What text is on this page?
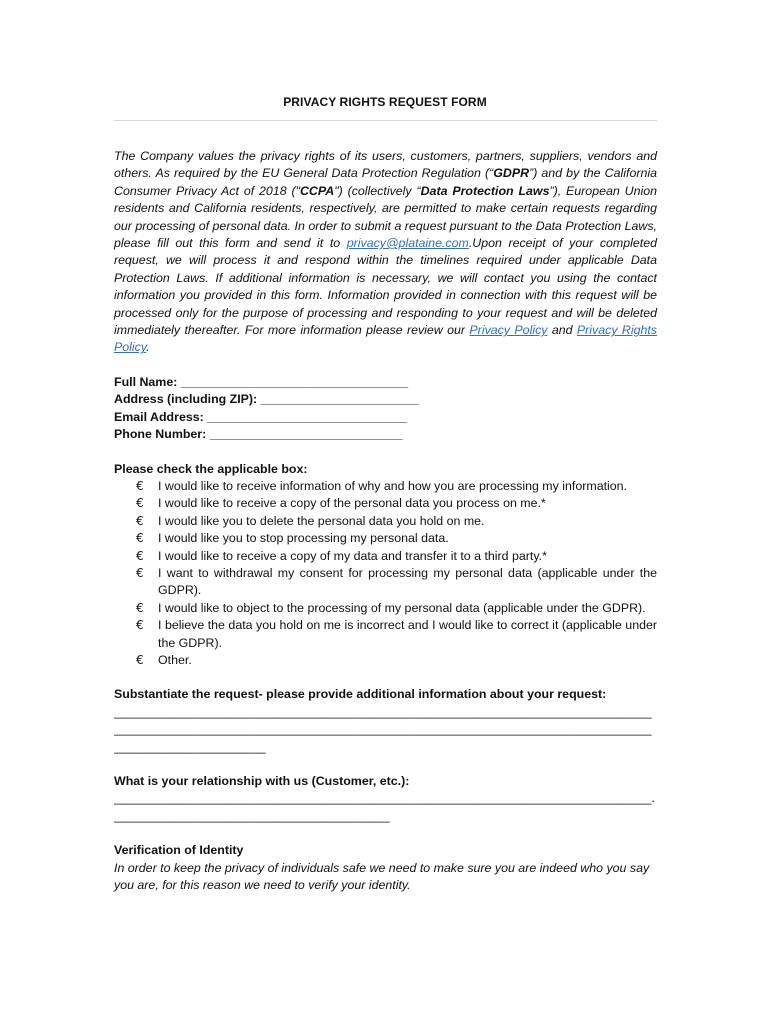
PRIVACY RIGHTS REQUEST FORM

The Company values the privacy rights of its users, customers, partners, suppliers, vendors and others. As required by the EU General Data Protection Regulation (“GDPR”) and by the California Consumer Privacy Act of 2018 ("CCPA") (collectively “Data Protection Laws”), European Union residents and California residents, respectively, are permitted to make certain requests regarding our processing of personal data. In order to submit a request pursuant to the Data Protection Laws, please fill out this form and send it to privacy@plataine.com.Upon receipt of your completed request, we will process it and respond within the timelines required under applicable Data Protection Laws. If additional information is necessary, we will contact you using the contact information you provided in this form. Information provided in connection with this request will be processed only for the purpose of processing and responding to your request and will be deleted immediately thereafter. For more information please review our Privacy Policy and Privacy Rights Policy.

Full Name: _________________________________
Address (including ZIP): _______________________
Email Address: _____________________________
Phone Number: ____________________________
Please check the applicable box:
€ I would like to receive information of why and how you are processing my information.
€ I would like to receive a copy of the personal data you process on me.*
€ I would like you to delete the personal data you hold on me.
€ I would like you to stop processing my personal data.
€ I would like to receive a copy of my data and transfer it to a third party.*
€ I want to withdrawal my consent for processing my personal data (applicable under the GDPR).
€ I would like to object to the processing of my personal data (applicable under the GDPR).
€ I believe the data you hold on me is incorrect and I would like to correct it (applicable under the GDPR).
€ Other.
Substantiate the request- please provide additional information about your request:
______________________________________________________________________________
______________________________________________________________________________
______________________
What is your relationship with us (Customer, etc.):
______________________________________________________________________________.
________________________________________
Verification of Identity

In order to keep the privacy of individuals safe we need to make sure you are indeed who you say you are, for this reason we need to verify your identity.
